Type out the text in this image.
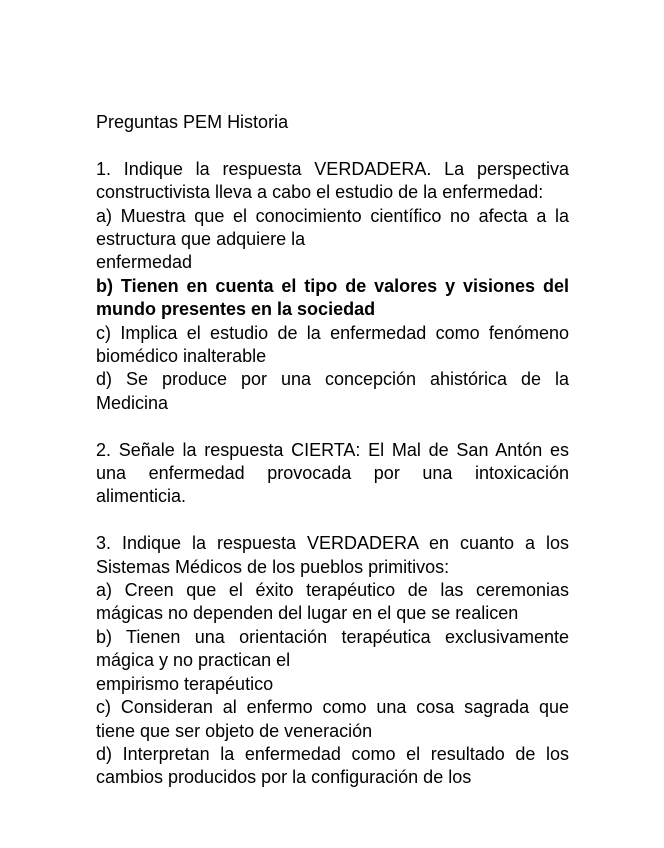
Preguntas PEM Historia

1. Indique la respuesta VERDADERA. La perspectiva constructivista lleva a cabo el estudio de la enfermedad:

a) Muestra que el conocimiento científico no afecta a la estructura que adquiere la
enfermedad

b) Tienen en cuenta el tipo de valores y visiones del mundo presentes en la sociedad

c) Implica el estudio de la enfermedad como fenómeno biomédico inalterable

d) Se produce por una concepción ahistórica de la Medicina

2. Señale la respuesta CIERTA: El Mal de San Antón es una enfermedad provocada por una intoxicación alimenticia.

3. Indique la respuesta VERDADERA en cuanto a los Sistemas Médicos de los pueblos primitivos:

a) Creen que el éxito terapéutico de las ceremonias mágicas no dependen del lugar en el que se realicen

b) Tienen una orientación terapéutica exclusivamente mágica y no practican el
empirismo terapéutico

c) Consideran al enfermo como una cosa sagrada que tiene que ser objeto de veneración

d) Interpretan la enfermedad como el resultado de los cambios producidos por la configuración de los
